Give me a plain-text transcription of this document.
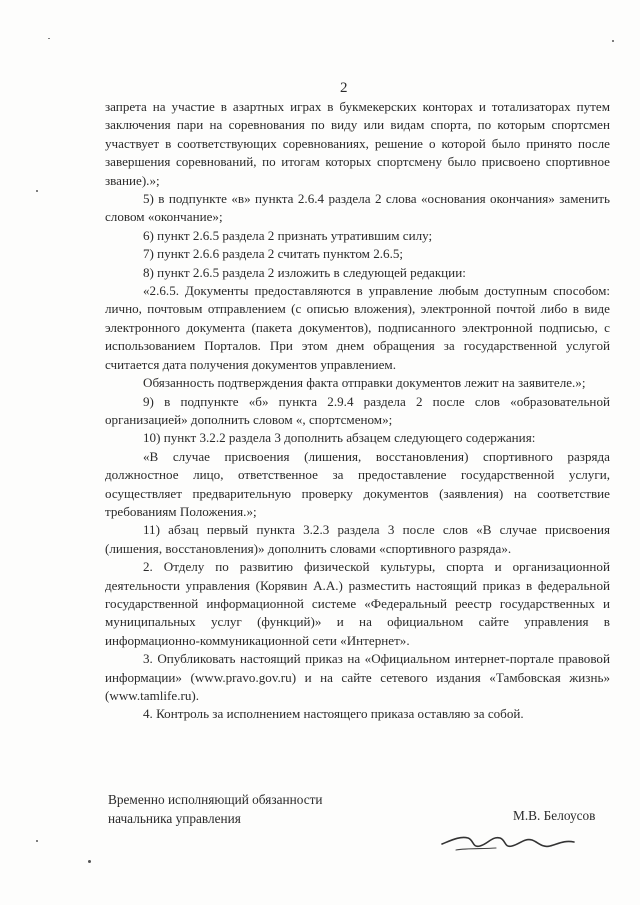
2

запрета на участие в азартных играх в букмекерских конторах и тотализаторах путем заключения пари на соревнования по виду или видам спорта, по которым спортсмен участвует в соответствующих соревнованиях, решение о которой было принято после завершения соревнований, по итогам которых спортсмену было присвоено спортивное звание).»;

5) в подпункте «в» пункта 2.6.4 раздела 2 слова «основания окончания» заменить словом «окончание»;

6) пункт 2.6.5 раздела 2 признать утратившим силу;

7) пункт 2.6.6 раздела 2 считать пунктом 2.6.5;

8) пункт 2.6.5 раздела 2 изложить в следующей редакции:

«2.6.5. Документы предоставляются в управление любым доступным способом: лично, почтовым отправлением (с описью вложения), электронной почтой либо в виде электронного документа (пакета документов), подписанного электронной подписью, с использованием Порталов. При этом днем обращения за государственной услугой считается дата получения документов управлением.

Обязанность подтверждения факта отправки документов лежит на заявителе.»;

9) в подпункте «б» пункта 2.9.4 раздела 2 после слов «образовательной организацией» дополнить словом «, спортсменом»;

10) пункт 3.2.2 раздела 3 дополнить абзацем следующего содержания:

«В случае присвоения (лишения, восстановления) спортивного разряда должностное лицо, ответственное за предоставление государственной услуги, осуществляет предварительную проверку документов (заявления) на соответствие требованиям Положения.»;

11) абзац первый пункта 3.2.3 раздела 3 после слов «В случае присвоения (лишения, восстановления)» дополнить словами «спортивного разряда».

2. Отделу по развитию физической культуры, спорта и организационной деятельности управления (Корявин А.А.) разместить настоящий приказ в федеральной государственной информационной системе «Федеральный реестр государственных и муниципальных услуг (функций)» и на официальном сайте управления в информационно-коммуникационной сети «Интернет».

3. Опубликовать настоящий приказ на «Официальном интернет-портале правовой информации» (www.pravo.gov.ru) и на сайте сетевого издания «Тамбовская жизнь» (www.tamlife.ru).

4. Контроль за исполнением настоящего приказа оставляю за собой.

Временно исполняющий обязанности
начальника управления	М.В. Белоусов
